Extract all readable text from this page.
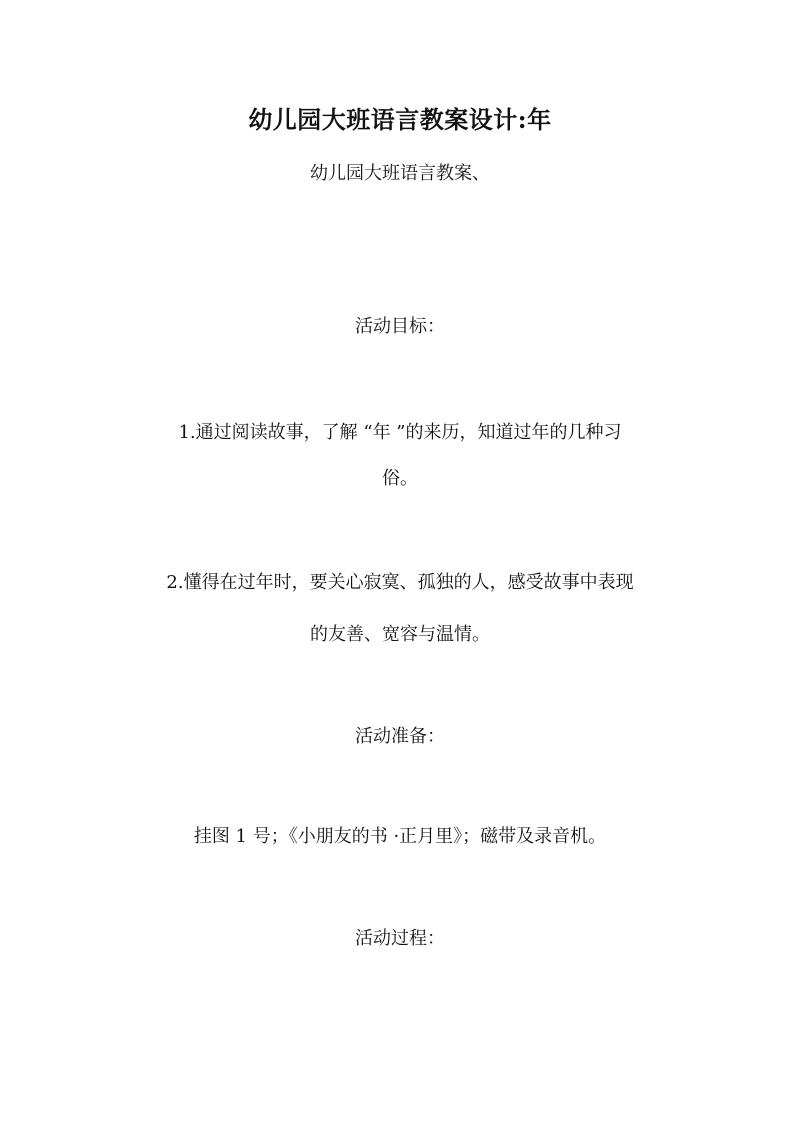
幼儿园大班语言教案设计:年
幼儿园大班语言教案、
活动目标：
1.通过阅读故事，了解 “年 ”的来历，知道过年的几种习
俗。
2.懂得在过年时，要关心寂寞、孤独的人，感受故事中表现
的友善、宽容与温情。
活动准备：
挂图 1 号；《小朋友的书 ·正月里》；磁带及录音机。
活动过程：
